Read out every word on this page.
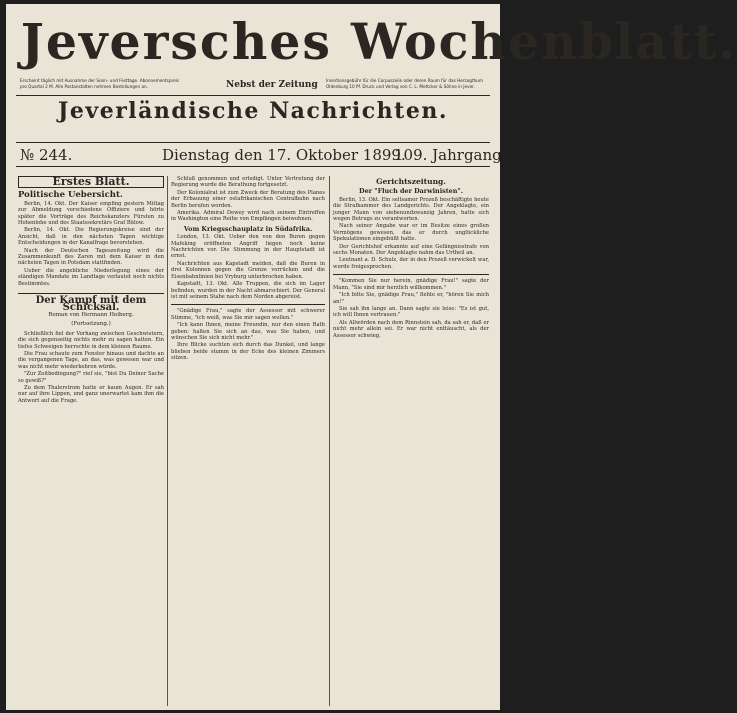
Jeversches Wochenblatt.
Erscheint täglich mit Ausnahme der Sonn- und Festtage. Abonnementspreis pro Quartal 2 M. Alle Postanstalten nehmen Bestellungen an.	Nebst der Zeitung Insertionsgebühr für die Corpuszeile oder deren Raum für das Herzogthum Oldenburg 10 Pf. Druck und Verlag von C. L. Mettcker & Söhne in Jever.
Jeverländische Nachrichten.
№ 244.	Dienstag den 17. Oktober 1899.
109. Jahrgang.
Erstes Blatt.
Politische Uebersicht.

Berlin, 14. Okt. Der Kaiser empfing gestern Mittag zur Abmeldung verschiedene Offiziere und hörte später die Vorträge des Reichskanzlers Fürsten zu Hohenlohe und des Staatssekretärs Graf Bülow.

Berlin, 14. Okt. Die Regierungskreise sind der Ansicht, daß in den nächsten Tagen wichtige Entscheidungen in der Kanalfrage bevorstehen.

Nach der Deutschen Tageszeitung wird die Zusammenkunft des Zaren mit dem Kaiser in den nächsten Tagen in Potsdam stattfinden.

Ueber die angebliche Niederlegung eines der ständigen Mandate im Landtage verlautet noch nichts Bestimmtes.

Der Kampf mit dem Schicksal.
Roman von Hermann Heiberg.
(Fortsetzung.)

Schließlich fiel der Vorhang zwischen Geschwistern, die sich gegenseitig nichts mehr zu sagen hatten. Ein tiefes Schweigen herrschte in dem kleinen Raume.

Die Frau schaute zum Fenster hinaus und dachte an die vergangenen Tage, an das, was gewesen war und was nicht mehr wiederkehren würde.

"Zur Zeitbedingung?" rief sie, "bist Du Deiner Sache so gewiß?"

Zu dem Thalerstrom hatte er kaum Augen. Er sah nur auf ihre Lippen, und ganz unerwartet kam ihm die Antwort auf die Frage.

Schluß genommen und erledigt. Unter Vertretung der Regierung wurde die Berathung fortgesetzt.

Der Kolonialrat ist zum Zweck der Beratung des Planes der Erbauung einer ostafrikanischen Centralbahn nach Berlin berufen worden.

Amerika. Admiral Dewey wird nach seinem Eintreffen in Washington eine Reihe von Empfängen beiwohnen.

Vom Kriegsschauplatz in Südafrika.

London, 13. Okt. Ueber den von den Buren gegen Mafeking eröffneten Angriff liegen noch keine Nachrichten vor. Die Stimmung in der Hauptstadt ist ernst.

Nachrichten aus Kapstadt melden, daß die Buren in drei Kolonnen gegen die Grenze vorrücken und die Eisenbahnlinien bei Vryburg unterbrochen haben.

Kapstadt, 13. Okt. Alle Truppen, die sich im Lager befinden, wurden in der Nacht abmarschiert. Der General ist mit seinem Stabe nach dem Norden abgereist.

"Gnädige Frau," sagte der Assessor mit schwerer Stimme, "ich weiß, was Sie mir sagen wollen."

"Ich kann Ihnen, meine Freundin, nur den einen Rath geben: halten Sie sich an das, was Sie haben, und wünschen Sie sich nicht mehr."

Ihre Blicke suchten sich durch das Dunkel, und lange blieben beide stumm in der Ecke des kleinen Zimmers sitzen.

Gerichtszeitung.
Der "Fluch der Darwinisten".

Berlin, 13. Okt. Ein seltsamer Prozeß beschäftigte heute die Strafkammer des Landgerichts. Der Angeklagte, ein junger Mann von siebenundzwanzig Jahren, hatte sich wegen Betrugs zu verantworten.

Nach seiner Angabe war er im Besitze eines großen Vermögens gewesen, das er durch unglückliche Spekulationen eingebüßt hatte.

Der Gerichtshof erkannte auf eine Gefängnisstrafe von sechs Monaten. Der Angeklagte nahm das Urtheil an.

Leutnant a. D. Schulz, der in den Prozeß verwickelt war, wurde freigesprochen.

"Kommen Sie nur herein, gnädige Frau!" sagte der Mann, "Sie sind mir herzlich willkommen."

"Ich bitte Sie, gnädige Frau," flehte er, "hören Sie mich an!"

Sie sah ihn lange an. Dann sagte sie leise: "Es ist gut, ich will Ihnen vertrauen."

Als Allwörden nach dem Rinnstein sah, da sah er, daß er nicht mehr allein sei. Er war nicht enttäuscht, als der Assessor schwieg.
